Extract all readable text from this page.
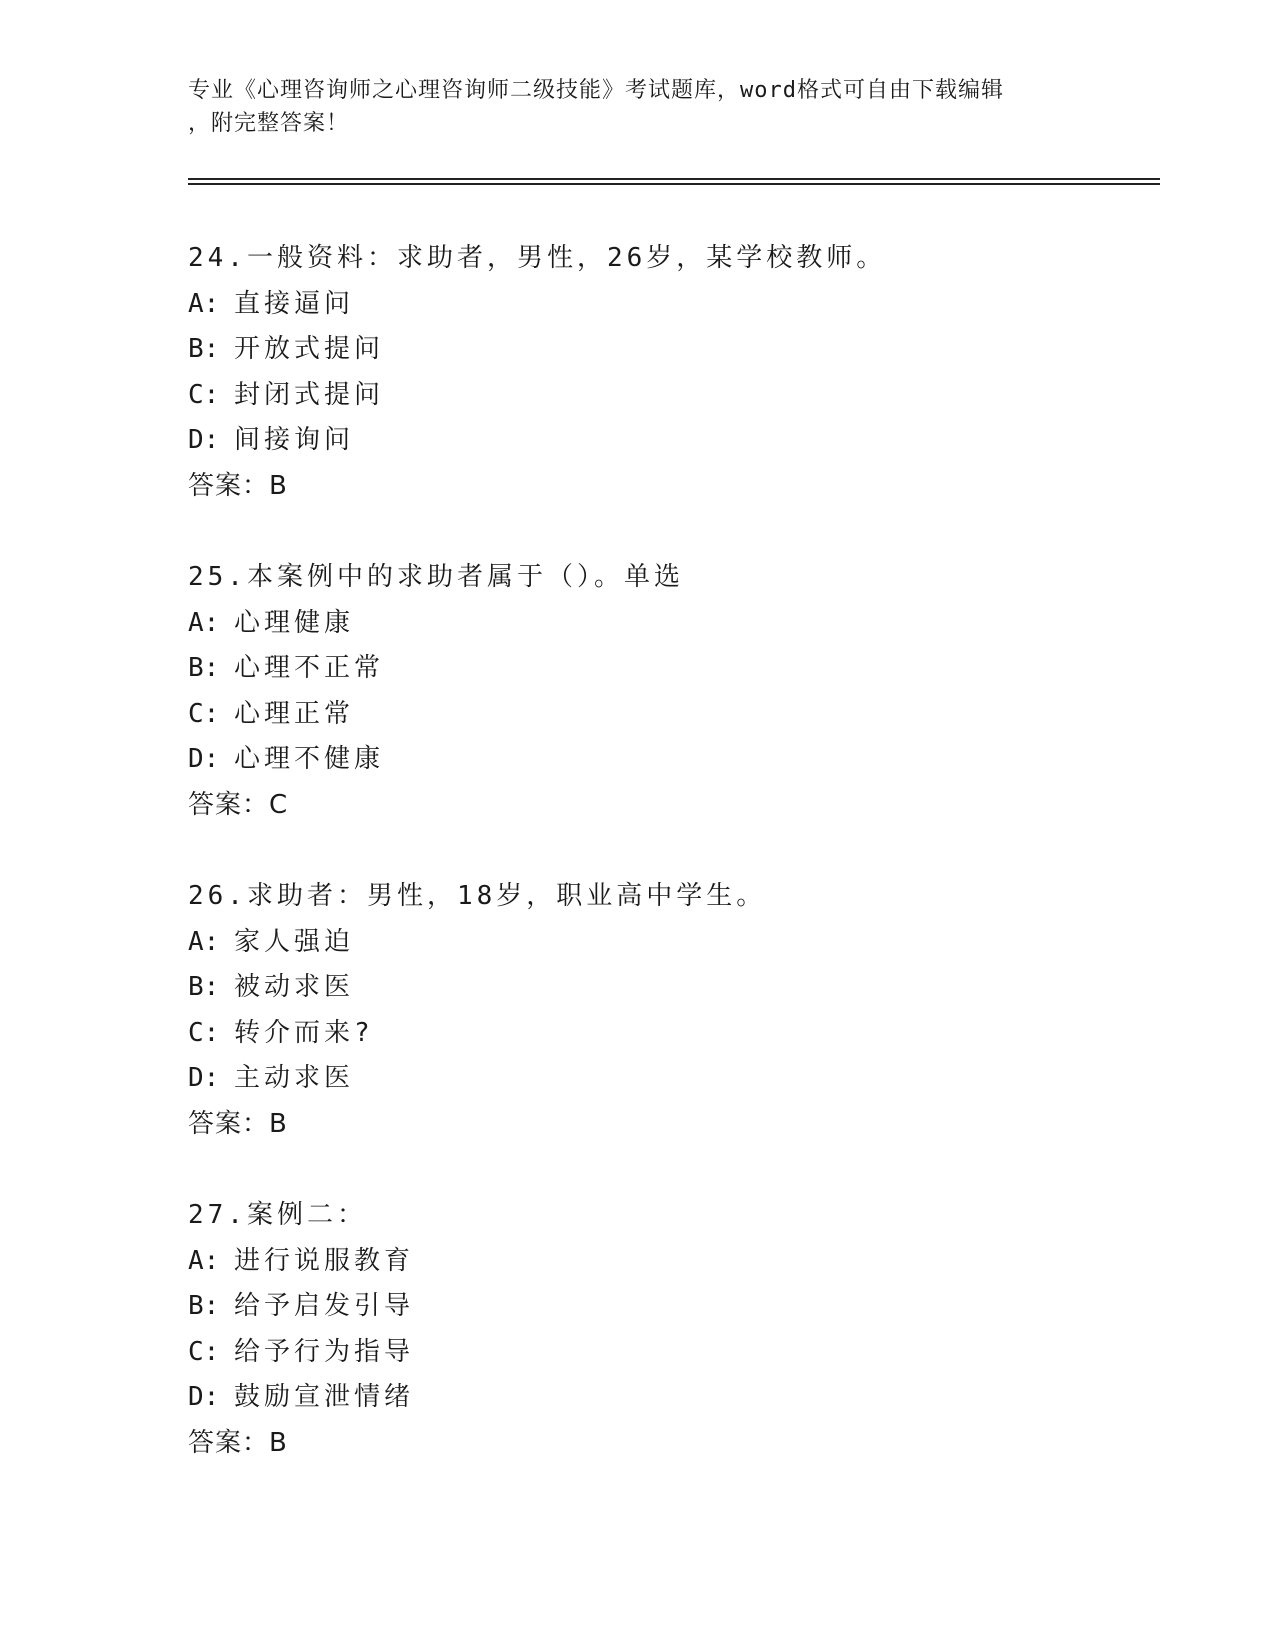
专业《心理咨询师之心理咨询师二级技能》考试题库，word格式可自由下载编辑
，附完整答案！
24.一般资料：求助者，男性，26岁，某学校教师。
A: 直接逼问
B: 开放式提问
C: 封闭式提问
D: 间接询问
答案：B
25.本案例中的求助者属于（）。单选
A: 心理健康
B: 心理不正常
C: 心理正常
D: 心理不健康
答案：C
26.求助者：男性，18岁，职业高中学生。
A: 家人强迫
B: 被动求医
C: 转介而来?
D: 主动求医
答案：B
27.案例二：
A: 进行说服教育
B: 给予启发引导
C: 给予行为指导
D: 鼓励宣泄情绪
答案：B
